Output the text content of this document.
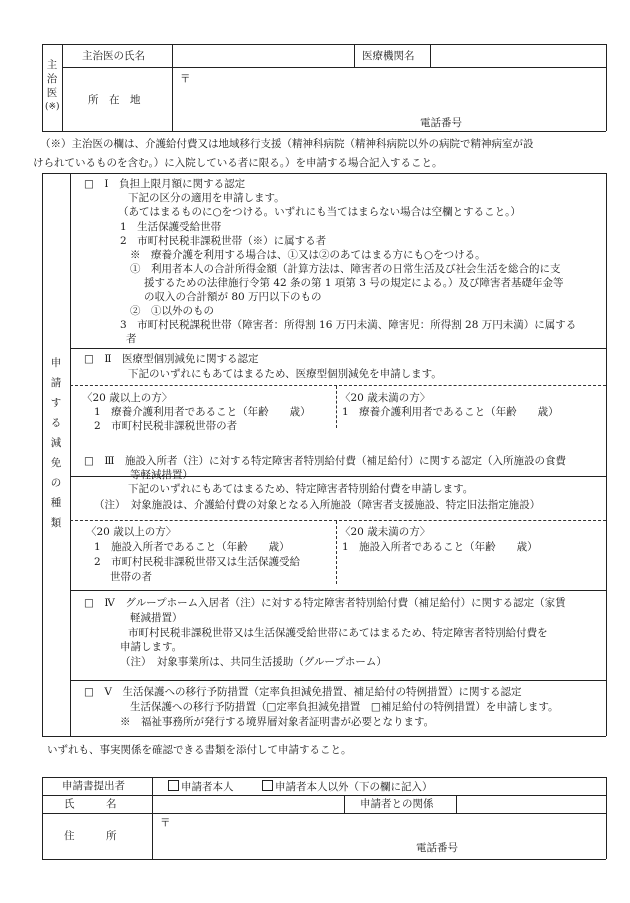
主
治
医
(※)
主治医の氏名	医療機関名
所　在　地
〒
電話番号
（※）主治医の欄は、介護給付費又は地域移行支援（精神科病院（精神科病院以外の病院で精神病室が設
けられているものを含む。）に入院している者に限る。）を申請する場合記入すること。
申
請
す
る
減
免
の
種
類
□　Ⅰ　負担上限月額に関する認定
下記の区分の適用を申請します。
（あてはまるものに○をつける。いずれにも当てはまらない場合は空欄とすること。）
1　生活保護受給世帯
2　市町村民税非課税世帯（※）に属する者
※　療養介護を利用する場合は、①又は②のあてはまる方にも○をつける。
①　利用者本人の合計所得金額（計算方法は、障害者の日常生活及び社会生活を総合的に支
援するための法律施行令第 42 条の第 1 項第 3 号の規定による。）及び障害者基礎年金等
の収入の合計額が 80 万円以下のもの
②　①以外のもの
3　市町村民税課税世帯（障害者：所得割 16 万円未満、障害児：所得割 28 万円未満）に属する
者
□　Ⅱ　医療型個別減免に関する認定
下記のいずれにもあてはまるため、医療型個別減免を申請します。
〈20 歳以上の方〉
1　療養介護利用者であること（年齢　　歳）
2　市町村民税非課税世帯の者
〈20 歳未満の方〉
1　療養介護利用者であること（年齢　　歳）
□　Ⅲ　施設入所者（注）に対する特定障害者特別給付費（補足給付）に関する認定（入所施設の食費
等軽減措置）
下記のいずれにもあてはまるため、特定障害者特別給付費を申請します。
（注）　対象施設は、介護給付費の対象となる入所施設（障害者支援施設、特定旧法指定施設）
〈20 歳以上の方〉
1　施設入所者であること（年齢　　歳）
2　市町村民税非課税世帯又は生活保護受給
世帯の者
〈20 歳未満の方〉
1　施設入所者であること（年齢　　歳）
□　Ⅳ　グループホーム入居者（注）に対する特定障害者特別給付費（補足給付）に関する認定（家賃
軽減措置）
市町村民税非課税世帯又は生活保護受給世帯にあてはまるため、特定障害者特別給付費を
申請します。
（注）　対象事業所は、共同生活援助（グループホーム）
□　Ⅴ　生活保護への移行予防措置（定率負担減免措置、補足給付の特例措置）に関する認定
生活保護への移行予防措置（□定率負担減免措置　□補足給付の特例措置）を申請します。
※　福祉事務所が発行する境界層対象者証明書が必要となります。
いずれも、事実関係を確認できる書類を添付して申請すること。
申請書提出者	申請者本人	申請者本人以外（下の欄に記入）
氏　　　名	申請者との関係
住　　　所
〒
電話番号
